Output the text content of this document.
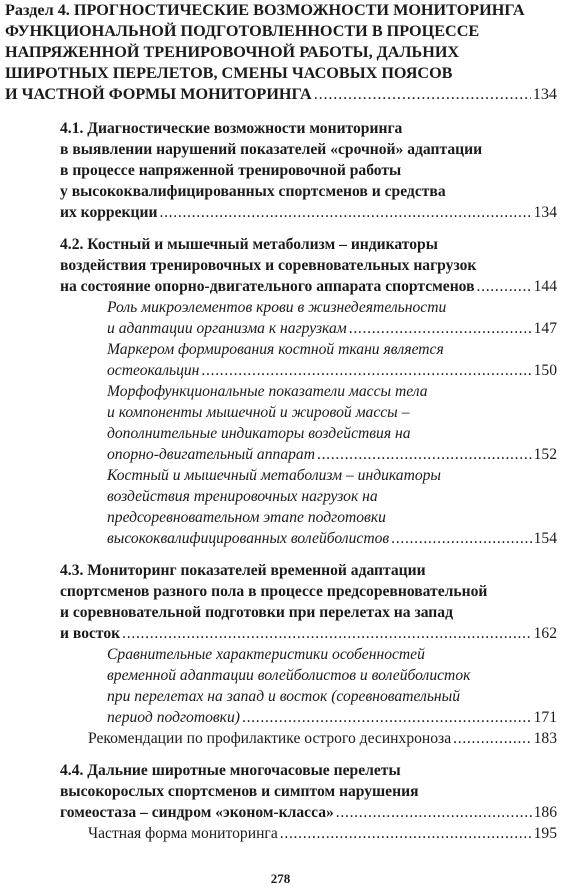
Раздел 4. ПРОГНОСТИЧЕСКИЕ ВОЗМОЖНОСТИ МОНИТОРИНГА
ФУНКЦИОНАЛЬНОЙ ПОДГОТОВЛЕННОСТИ В ПРОЦЕССЕ
НАПРЯЖЕННОЙ ТРЕНИРОВОЧНОЙ РАБОТЫ, ДАЛЬНИХ
ШИРОТНЫХ ПЕРЕЛЕТОВ, СМЕНЫ ЧАСОВЫХ ПОЯСОВ
И ЧАСТНОЙ ФОРМЫ МОНИТОРИНГА . . .	134
4.1. Диагностические возможности мониторинга
в выявлении нарушений показателей «срочной» адаптации
в процессе напряженной тренировочной работы
у высококвалифицированных спортсменов и средства
их коррекции . . .	134
4.2. Костный и мышечный метаболизм – индикаторы
воздействия тренировочных и соревновательных нагрузок
на состояние опорно-двигательного аппарата спортсменов . . .	144
Роль микроэлементов крови в жизнедеятельности
и адаптации организма к нагрузкам . . .	147
Маркером формирования костной ткани является
остеокальцин . . .	150
Морфофункциональные показатели массы тела
и компоненты мышечной и жировой массы –
дополнительные индикаторы воздействия на
опорно-двигательный аппарат . . .	152
Костный и мышечный метаболизм – индикаторы
воздействия тренировочных нагрузок на
предсоревновательном этапе подготовки
высококвалифицированных волейболистов . . .	154
4.3. Мониторинг показателей временной адаптации
спортсменов разного пола в процессе предсоревновательной
и соревновательной подготовки при перелетах на запад
и восток . . .	162
Сравнительные характеристики особенностей
временной адаптации волейболистов и волейболисток
при перелетах на запад и восток (соревновательный
период подготовки) . . .	171
Рекомендации по профилактике острого десинхроноза . . .	183
4.4. Дальние широтные многочасовые перелеты
высокорослых спортсменов и симптом нарушения
гомеостаза – синдром «эконом-класса» . . .	186
Частная форма мониторинга . . .	195
278
